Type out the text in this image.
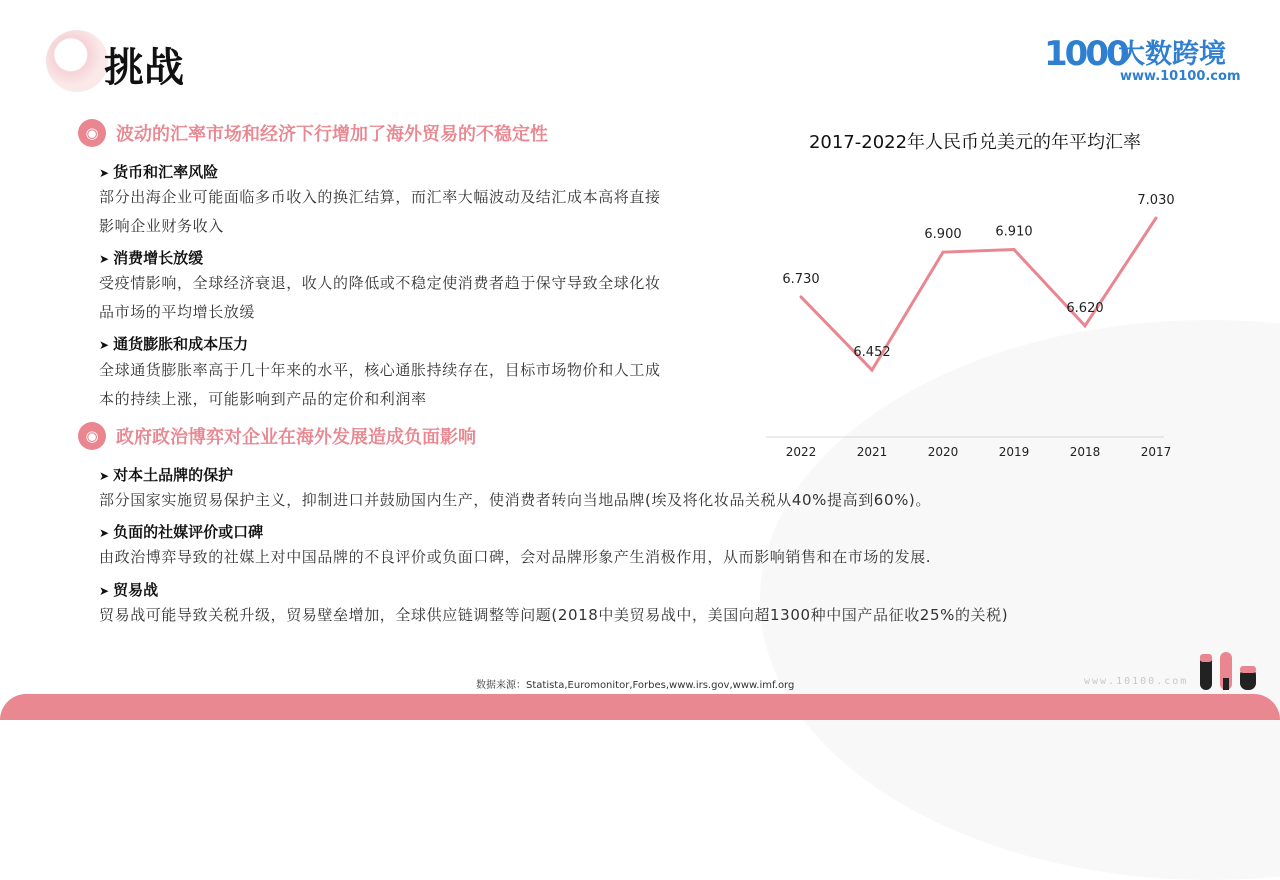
挑战	1000
大数跨境
www.10100.com
◉ 波动的汇率市场和经济下行增加了海外贸易的不稳定性
➤ 货币和汇率风险
部分出海企业可能面临多币收入的换汇结算，而汇率大幅波动及结汇成本高将直接
影响企业财务收入
➤ 消费增长放缓
受疫情影响，全球经济衰退，收人的降低或不稳定使消费者趋于保守导致全球化妆
品市场的平均增长放缓
➤ 通货膨胀和成本压力
全球通货膨胀率高于几十年来的水平，核心通胀持续存在，目标市场物价和人工成
本的持续上涨，可能影响到产品的定价和利润率
◉ 政府政治博弈对企业在海外发展造成负面影响
➤ 对本土品牌的保护
部分国家实施贸易保护主义，抑制进口并鼓励国内生产，使消费者转向当地品牌(埃及将化妆品关税从40%提高到60%)。
➤ 负面的社媒评价或口碑
由政治博弈导致的社媒上对中国品牌的不良评价或负面口碑，会对品牌形象产生消极作用，从而影响销售和在市场的发展.
➤ 贸易战
贸易战可能导致关税升级，贸易壁垒增加，全球供应链调整等问题(2018中美贸易战中，美国向超1300种中国产品征收25%的关税)
2017-2022年人民币兑美元的年平均汇率
6.730
2022
6.452
2021
6.900
2020
6.910
2019
6.620
2018
7.030
2017
数据来源：Statista,Euromonitor,Forbes,www.irs.gov,www.imf.org	www.10100.com
